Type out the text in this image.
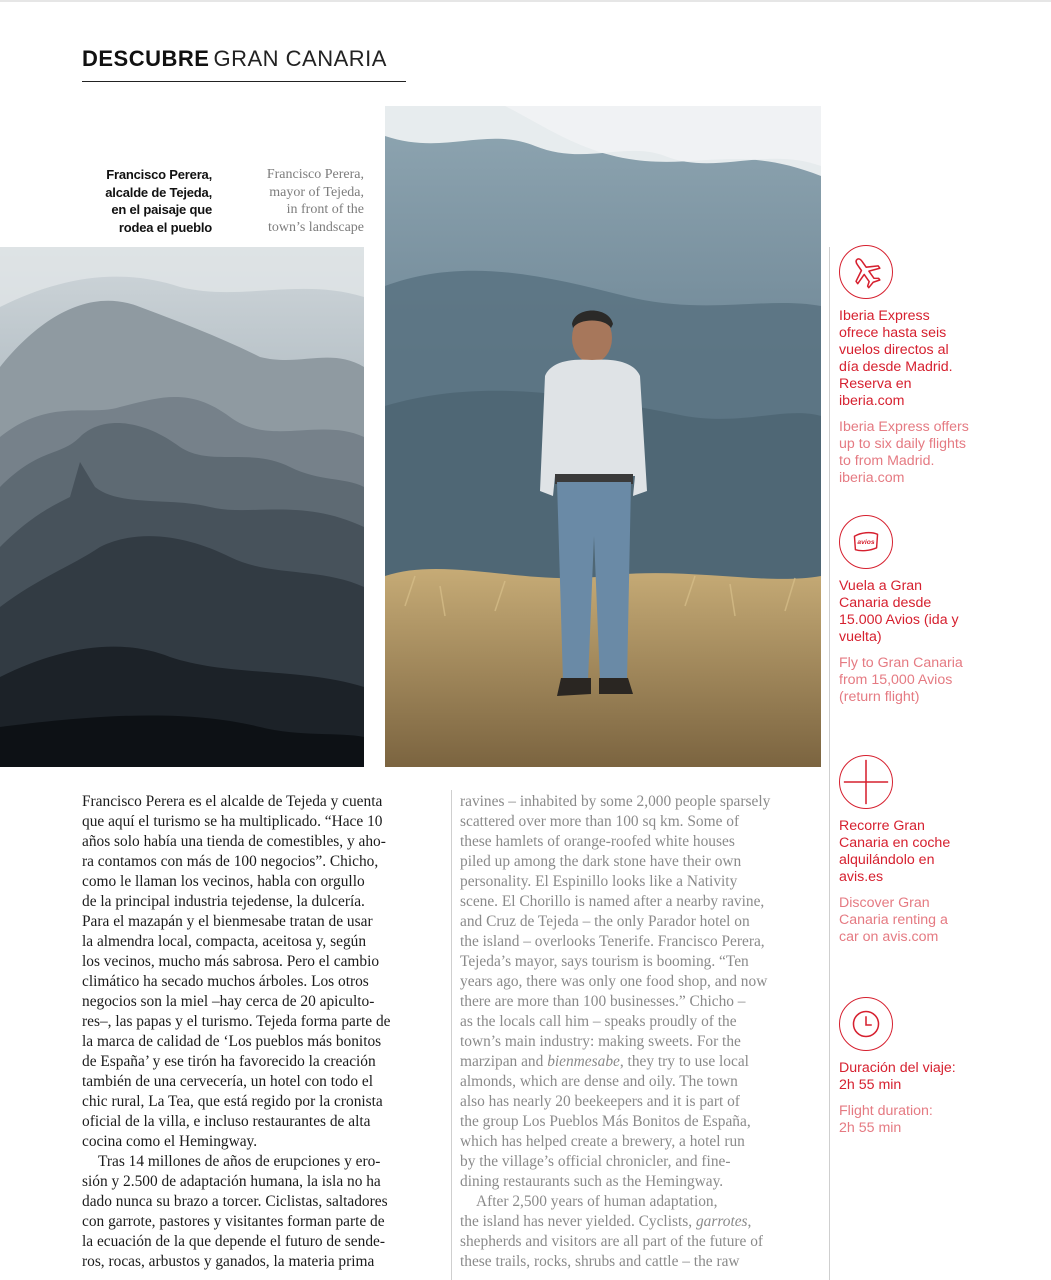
DESCUBRE GRAN CANARIA
Francisco Perera,
alcalde de Tejeda,
en el paisaje que
rodea el pueblo
Francisco Perera,
mayor of Tejeda,
in front of the
town’s landscape

Francisco Perera es el alcalde de Tejeda y cuenta

que aquí el turismo se ha multiplicado. “Hace 10

años solo había una tienda de comestibles, y aho-

ra contamos con más de 100 negocios”. Chicho,

como le llaman los vecinos, habla con orgullo

de la principal industria tejedense, la dulcería.

Para el mazapán y el bienmesabe tratan de usar

la almendra local, compacta, aceitosa y, según

los vecinos, mucho más sabrosa. Pero el cambio

climático ha secado muchos árboles. Los otros

negocios son la miel –hay cerca de 20 apiculto-

res–, las papas y el turismo. Tejeda forma parte de

la marca de calidad de ‘Los pueblos más bonitos

de España’ y ese tirón ha favorecido la creación

también de una cervecería, un hotel con todo el

chic rural, La Tea, que está regido por la cronista

oficial de la villa, e incluso restaurantes de alta

cocina como el Hemingway.

Tras 14 millones de años de erupciones y ero-

sión y 2.500 de adaptación humana, la isla no ha

dado nunca su brazo a torcer. Ciclistas, saltadores

con garrote, pastores y visitantes forman parte de

la ecuación de la que depende el futuro de sende-

ros, rocas, arbustos y ganados, la materia prima

ravines – inhabited by some 2,000 people sparsely

scattered over more than 100 sq km. Some of

these hamlets of orange-roofed white houses

piled up among the dark stone have their own

personality. El Espinillo looks like a Nativity

scene. El Chorillo is named after a nearby ravine,

and Cruz de Tejeda – the only Parador hotel on

the island – overlooks Tenerife. Francisco Perera,

Tejeda’s mayor, says tourism is booming. “Ten

years ago, there was only one food shop, and now

there are more than 100 businesses.” Chicho –

as the locals call him – speaks proudly of the

town’s main industry: making sweets. For the

marzipan and bienmesabe, they try to use local

almonds, which are dense and oily. The town

also has nearly 20 beekeepers and it is part of

the group Los Pueblos Más Bonitos de España,

which has helped create a brewery, a hotel run

by the village’s official chronicler, and fine-

dining restaurants such as the Hemingway.

After 2,500 years of human adaptation,

the island has never yielded. Cyclists, garrotes,

shepherds and visitors are all part of the future of

these trails, rocks, shrubs and cattle – the raw

Iberia Express
ofrece hasta seis
vuelos directos al
día desde Madrid.
Reserva en
iberia.com
Iberia Express offers
up to six daily flights
to from Madrid.
iberia.com
avios
Vuela a Gran
Canaria desde
15.000 Avios (ida y
vuelta)
Fly to Gran Canaria
from 15,000 Avios
(return flight)
Recorre Gran
Canaria en coche
alquilándolo en
avis.es
Discover Gran
Canaria renting a
car on avis.com
Duración del viaje:
2h 55 min
Flight duration:
2h 55 min
